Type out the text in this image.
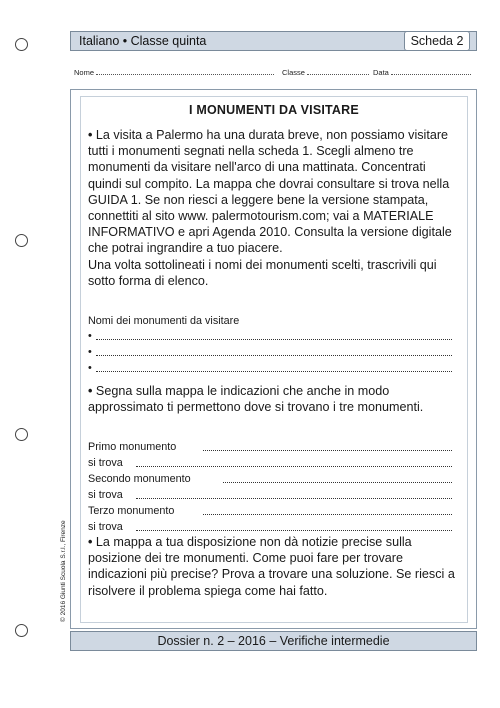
Italiano • Classe quinta	Scheda 2
Nome	Classe	Data
I MONUMENTI DA VISITARE

• La visita a Palermo ha una durata breve, non possiamo visitare tutti i monumenti segnati nella scheda 1. Scegli almeno tre monumenti da visitare nell'arco di una mattinata. Concentrati quindi sul compito. La mappa che dovrai consultare si trova nella GUIDA 1. Se non riesci a leggere bene la versione stampata, connettiti al sito www. palermotourism.com; vai a MATERIALE INFORMATIVO e apri Agenda 2010. Consulta la versione digitale che potrai ingrandire a tuo piacere.

Una volta sottolineati i nomi dei monumenti scelti, trascrivili qui sotto forma di elenco.

Nomi dei monumenti da visitare
•
•
•

• Segna sulla mappa le indicazioni che anche in modo approssimato ti permettono dove si trovano i tre monumenti.

Primo monumento
si trova
Secondo monumento
si trova
Terzo monumento
si trova

• La mappa a tua disposizione non dà notizie precise sulla posizione dei tre monumenti. Come puoi fare per trovare indicazioni più precise? Prova a trovare una soluzione. Se riesci a risolvere il problema spiega come hai fatto.

Dossier n. 2 – 2016 – Verifiche intermedie
© 2016 Giunti Scuola S.r.l., Firenze
